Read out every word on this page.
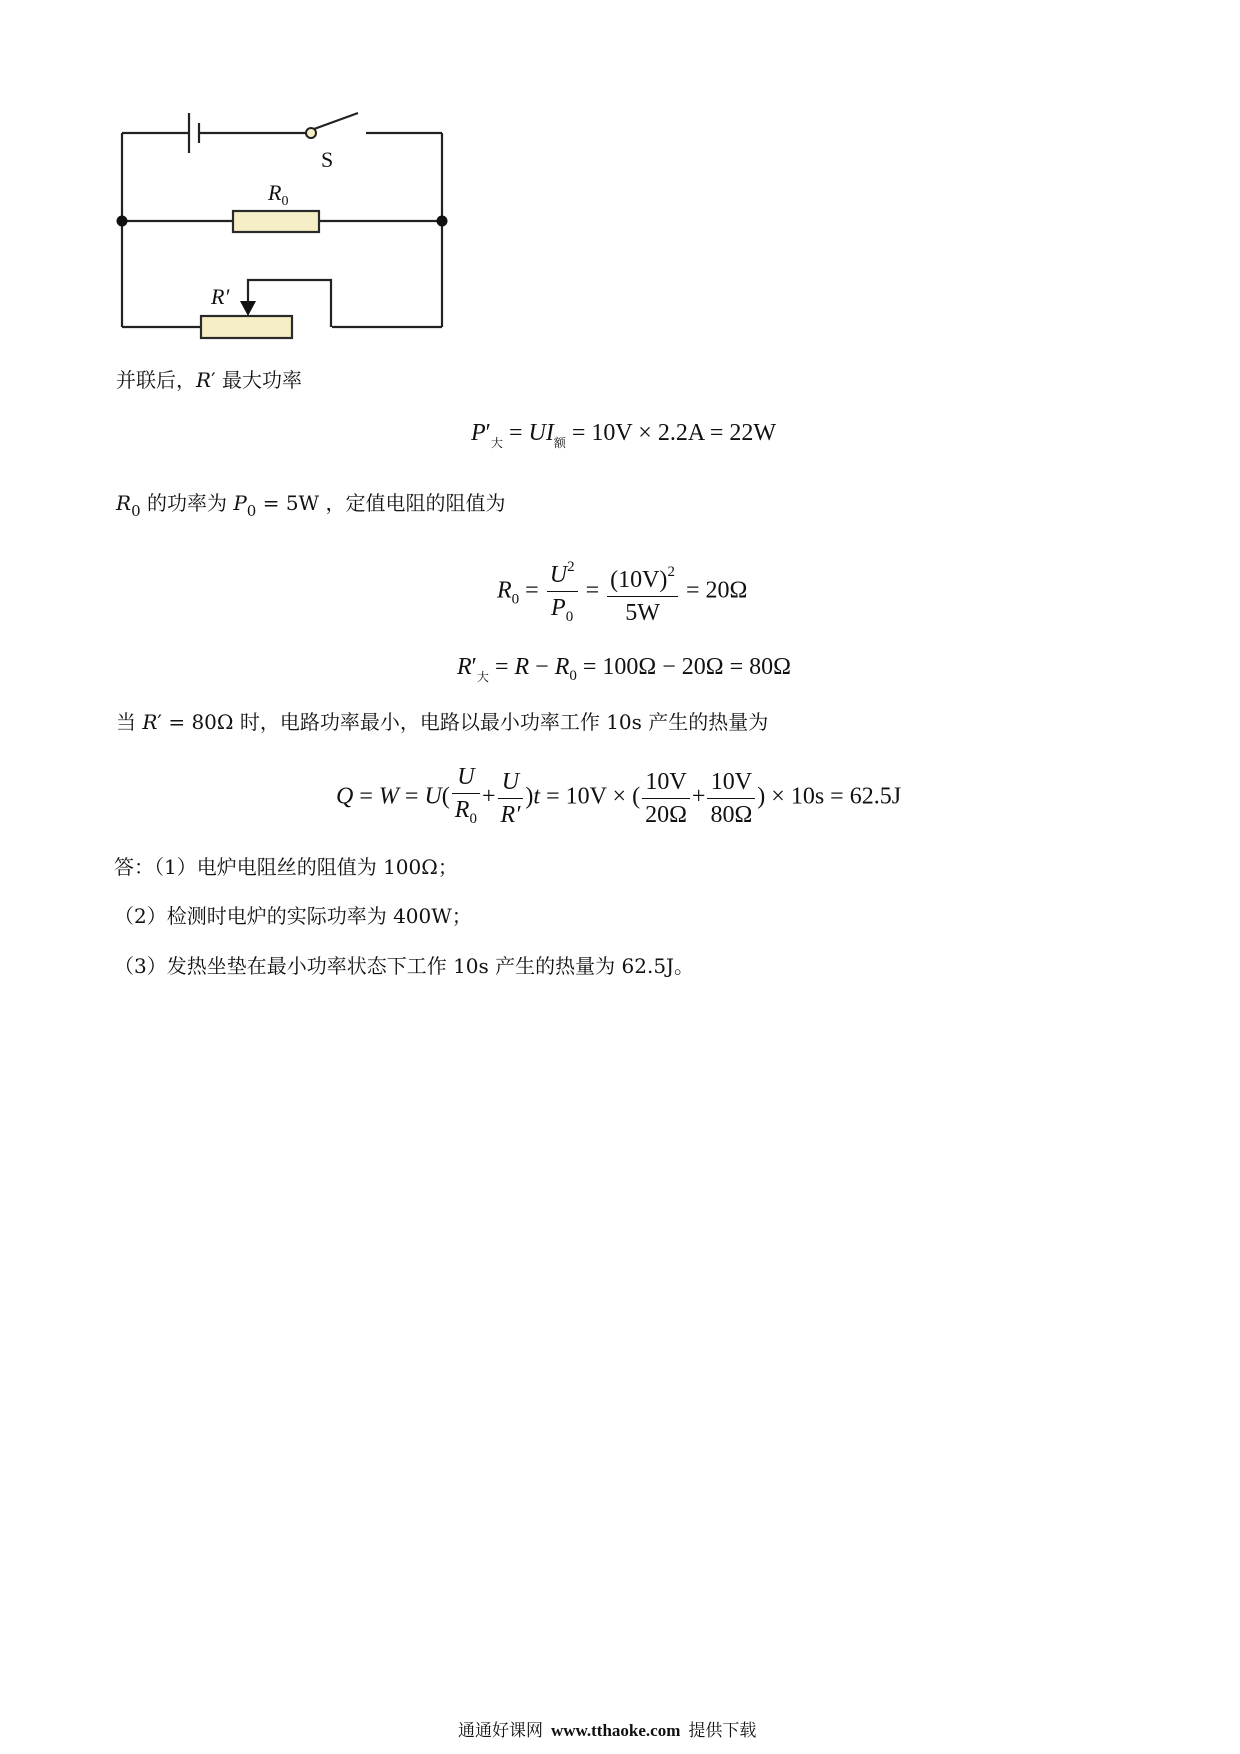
S
$R_0$
R′
并联后，R′ 最大功率
$P'_大 = UI_额 = 10V \times 2.2A = 22W$
$R_0$ 的功率为 $P_0 = 5W$ ，定值电阻的阻值为
$R_0 = \frac{U^2}{P_0} = \frac{(10V)^2}{5W} = 20\Omega$
$R'_大 = R - R_0 = 100\Omega - 20\Omega = 80\Omega$
当 R′ = 80Ω 时，电路功率最小，电路以最小功率工作 10s 产生的热量为
$Q = W = U( \frac{U}{R_0} + \frac{U}{R'} )t = 10V$ × ( $\frac{10V}{20\Omega} + \frac{10V}{80\Omega}$ ) × 10s = 62.5J
答：（1）电炉电阻丝的阻值为 100Ω；
（2）检测时电炉的实际功率为 400W；
（3）发热坐垫在最小功率状态下工作 10s 产生的热量为 62.5J。
通通好课网 www.tthaoke.com 提供下载
